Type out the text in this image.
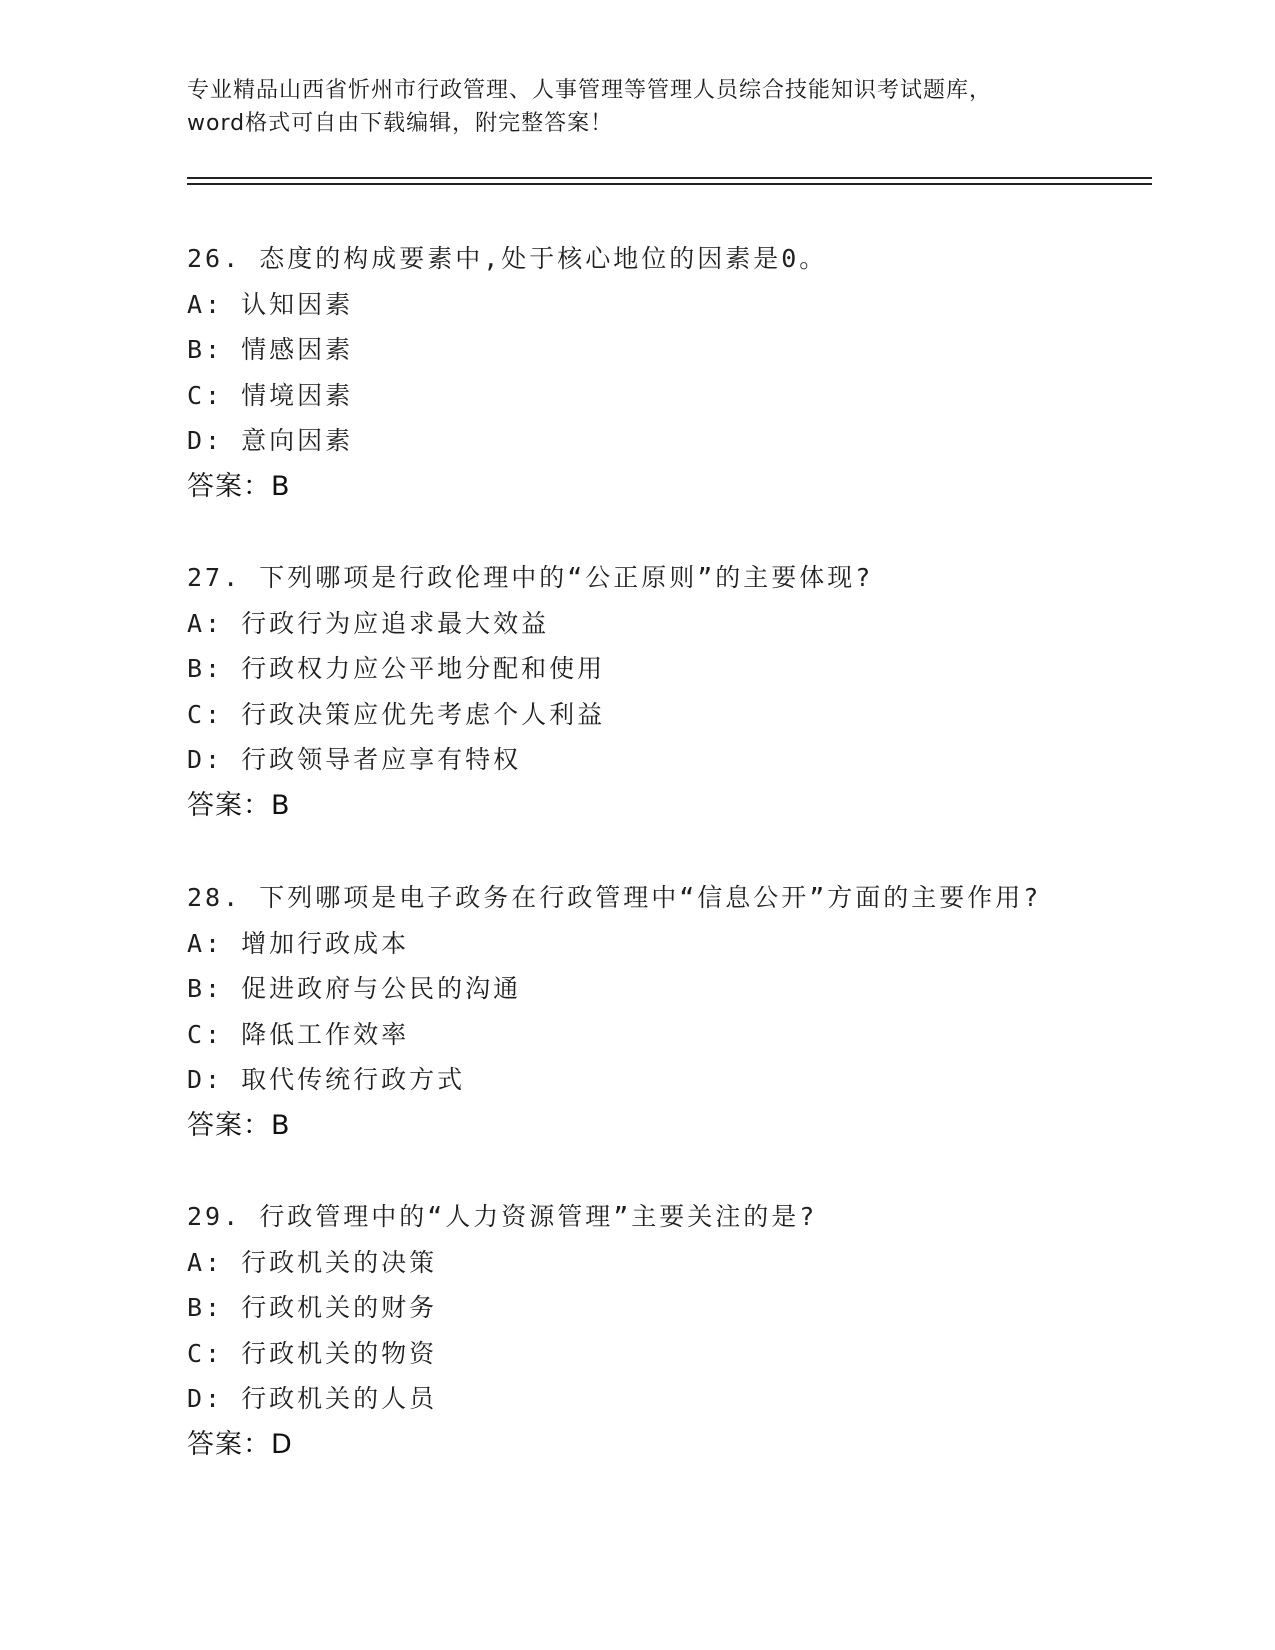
专业精品山西省忻州市行政管理、人事管理等管理人员综合技能知识考试题库，
word格式可自由下载编辑，附完整答案！
26. 态度的构成要素中,处于核心地位的因素是0。
A: 认知因素
B: 情感因素
C: 情境因素
D: 意向因素
答案：B
27. 下列哪项是行政伦理中的“公正原则”的主要体现?
A: 行政行为应追求最大效益
B: 行政权力应公平地分配和使用
C: 行政决策应优先考虑个人利益
D: 行政领导者应享有特权
答案：B
28. 下列哪项是电子政务在行政管理中“信息公开”方面的主要作用?
A: 增加行政成本
B: 促进政府与公民的沟通
C: 降低工作效率
D: 取代传统行政方式
答案：B
29. 行政管理中的“人力资源管理”主要关注的是?
A: 行政机关的决策
B: 行政机关的财务
C: 行政机关的物资
D: 行政机关的人员
答案：D
